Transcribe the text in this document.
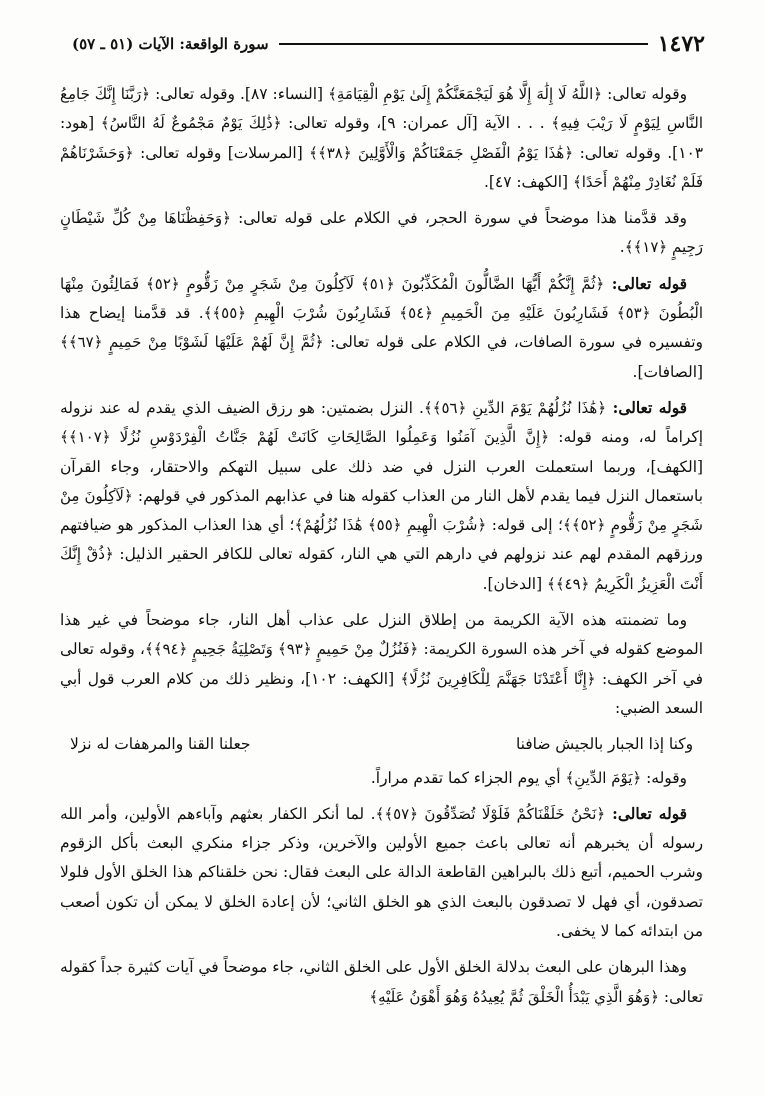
١٤٧٢
سورة الواقعة: الآيات (٥١ ـ ٥٧)

وقوله تعالى: ﴿اللَّهُ لَا إِلَٰهَ إِلَّا هُوَ لَيَجْمَعَنَّكُمْ إِلَىٰ يَوْمِ الْقِيَامَةِ﴾ [النساء: ٨٧]. وقوله تعالى: ﴿رَبَّنَا إِنَّكَ جَامِعُ النَّاسِ لِيَوْمٍ لَا رَيْبَ فِيهِ﴾ . . . الآية [آل عمران: ٩]، وقوله تعالى: ﴿ذَٰلِكَ يَوْمٌ مَجْمُوعٌ لَهُ النَّاسُ﴾ [هود: ١٠٣]. وقوله تعالى: ﴿هَٰذَا يَوْمُ الْفَصْلِ جَمَعْنَاكُمْ وَالْأَوَّلِينَ ﴿٣٨﴾﴾ [المرسلات] وقوله تعالى: ﴿وَحَشَرْنَاهُمْ فَلَمْ نُغَادِرْ مِنْهُمْ أَحَدًا﴾ [الكهف: ٤٧].

وقد قدَّمنا هذا موضحاً في سورة الحجر، في الكلام على قوله تعالى: ﴿وَحَفِظْنَاهَا مِنْ كُلِّ شَيْطَانٍ رَجِيمٍ ﴿١٧﴾﴾.

قوله تعالى: ﴿ثُمَّ إِنَّكُمْ أَيُّهَا الضَّالُّونَ الْمُكَذِّبُونَ ﴿٥١﴾ لَآكِلُونَ مِنْ شَجَرٍ مِنْ زَقُّومٍ ﴿٥٢﴾ فَمَالِئُونَ مِنْهَا الْبُطُونَ ﴿٥٣﴾ فَشَارِبُونَ عَلَيْهِ مِنَ الْحَمِيمِ ﴿٥٤﴾ فَشَارِبُونَ شُرْبَ الْهِيمِ ﴿٥٥﴾﴾. قد قدَّمنا إيضاح هذا وتفسيره في سورة الصافات، في الكلام على قوله تعالى: ﴿ثُمَّ إِنَّ لَهُمْ عَلَيْهَا لَشَوْبًا مِنْ حَمِيمٍ ﴿٦٧﴾﴾ [الصافات].

قوله تعالى: ﴿هَٰذَا نُزُلُهُمْ يَوْمَ الدِّينِ ﴿٥٦﴾﴾. النزل بضمتين: هو رزق الضيف الذي يقدم له عند نزوله إكراماً له، ومنه قوله: ﴿إِنَّ الَّذِينَ آمَنُوا وَعَمِلُوا الصَّالِحَاتِ كَانَتْ لَهُمْ جَنَّاتُ الْفِرْدَوْسِ نُزُلًا ﴿١٠٧﴾﴾ [الكهف]، وربما استعملت العرب النزل في ضد ذلك على سبيل التهكم والاحتقار، وجاء القرآن باستعمال النزل فيما يقدم لأهل النار من العذاب كقوله هنا في عذابهم المذكور في قولهم: ﴿لَآكِلُونَ مِنْ شَجَرٍ مِنْ زَقُّومٍ ﴿٥٢﴾﴾؛ إلى قوله: ﴿شُرْبَ الْهِيمِ ﴿٥٥﴾ هَٰذَا نُزُلُهُمْ﴾؛ أي هذا العذاب المذكور هو ضيافتهم ورزقهم المقدم لهم عند نزولهم في دارهم التي هي النار، كقوله تعالى للكافر الحقير الذليل: ﴿ذُقْ إِنَّكَ أَنْتَ الْعَزِيزُ الْكَرِيمُ ﴿٤٩﴾﴾ [الدخان].

وما تضمنته هذه الآية الكريمة من إطلاق النزل على عذاب أهل النار، جاء موضحاً في غير هذا الموضع كقوله في آخر هذه السورة الكريمة: ﴿فَنُزُلٌ مِنْ حَمِيمٍ ﴿٩٣﴾ وَتَصْلِيَةُ جَحِيمٍ ﴿٩٤﴾﴾، وقوله تعالى في آخر الكهف: ﴿إِنَّا أَعْتَدْنَا جَهَنَّمَ لِلْكَافِرِينَ نُزُلًا﴾ [الكهف: ١٠٢]، ونظير ذلك من كلام العرب قول أبي السعد الضبي:

وكنا إذا الجبار بالجيش ضافنا
جعلنا القنا والمرهفات له نزلا

وقوله: ﴿يَوْمَ الدِّينِ﴾ أي يوم الجزاء كما تقدم مراراً.

قوله تعالى: ﴿نَحْنُ خَلَقْنَاكُمْ فَلَوْلَا تُصَدِّقُونَ ﴿٥٧﴾﴾. لما أنكر الكفار بعثهم وآباءهم الأولين، وأمر الله رسوله أن يخبرهم أنه تعالى باعث جميع الأولين والآخرين، وذكر جزاء منكري البعث بأكل الزقوم وشرب الحميم، أتبع ذلك بالبراهين القاطعة الدالة على البعث فقال: نحن خلقناكم هذا الخلق الأول فلولا تصدقون، أي فهل لا تصدقون بالبعث الذي هو الخلق الثاني؛ لأن إعادة الخلق لا يمكن أن تكون أصعب من ابتدائه كما لا يخفى.

وهذا البرهان على البعث بدلالة الخلق الأول على الخلق الثاني، جاء موضحاً في آيات كثيرة جداً كقوله تعالى: ﴿وَهُوَ الَّذِي يَبْدَأُ الْخَلْقَ ثُمَّ يُعِيدُهُ وَهُوَ أَهْوَنُ عَلَيْهِ﴾
